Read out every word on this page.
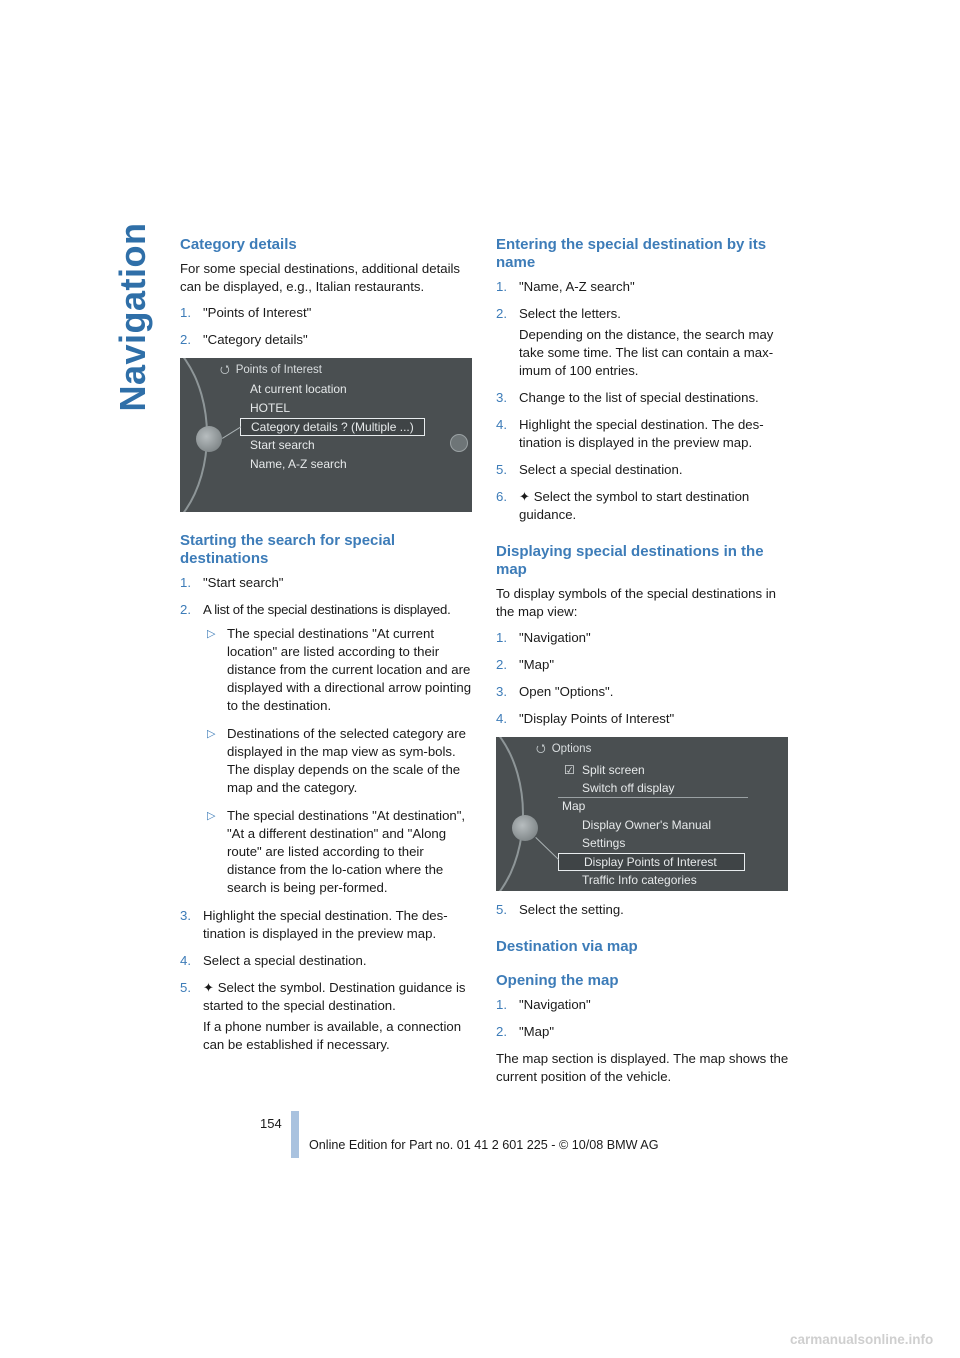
Navigation Category details

For some special destinations, additional details can be displayed, e.g., Italian restaurants.

1. "Points of Interest"
2. "Category details"
⭯ Points of Interest
At current location
HOTEL
Category details ? (Multiple ...)
Start search
Name, A-Z search
Starting the search for special destinations
1. "Start search"
2. A list of the special destinations is displayed.
▷ The special destinations "At current location" are listed according to their distance from the current location and are displayed with a directional arrow pointing to the destination.
▷ Destinations of the selected category are displayed in the map view as sym-bols. The display depends on the scale of the map and the category.
▷ The special destinations "At destination", "At a different destination" and "Along route" are listed according to their distance from the lo-cation where the search is being per-formed.
3. Highlight the special destination. The des-tination is displayed in the preview map.
4. Select a special destination.
5. ✦ Select the symbol. Destination guidance is started to the special destination.
If a phone number is available, a connection can be established if necessary.
Entering the special destination by its name
1. "Name, A-Z search"
2. Select the letters.
Depending on the distance, the search may take some time. The list can contain a max-imum of 100 entries.
3. Change to the list of special destinations.
4. Highlight the special destination. The des-tination is displayed in the preview map.
5. Select a special destination.
6. ✦ Select the symbol to start destination guidance.
Displaying special destinations in the map

To display symbols of the special destinations in the map view:

1. "Navigation"
2. "Map"
3. Open "Options".
4. "Display Points of Interest"
⭯ Options
☑ Split screen
Switch off display
Map
Display Owner's Manual
Settings
Display Points of Interest
Traffic Info categories
5. Select the setting.
Destination via map
Opening the map
1. "Navigation"
2. "Map"

The map section is displayed. The map shows the current position of the vehicle.

154
Online Edition for Part no. 01 41 2 601 225 - © 10/08 BMW AG
carmanualsonline.info
